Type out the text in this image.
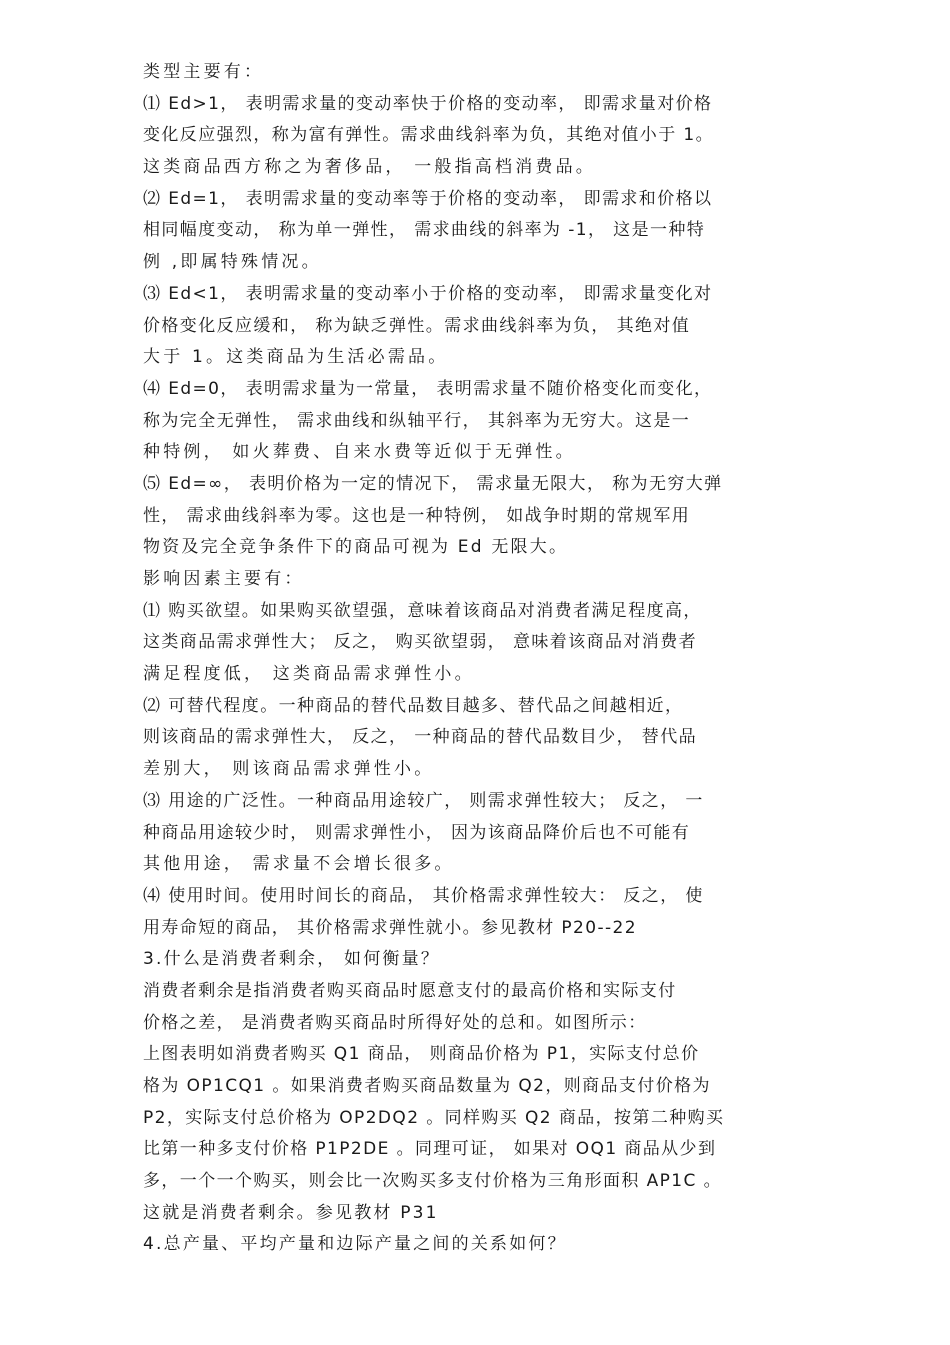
类型主要有：
⑴ Ed>1， 表明需求量的变动率快于价格的变动率， 即需求量对价格
变化反应强烈，称为富有弹性。需求曲线斜率为负，其绝对值小于 1。
这类商品西方称之为奢侈品， 一般指高档消费品。
⑵ Ed=1， 表明需求量的变动率等于价格的变动率， 即需求和价格以
相同幅度变动， 称为单一弹性， 需求曲线的斜率为 -1， 这是一种特
例 ,即属特殊情况。
⑶ Ed<1， 表明需求量的变动率小于价格的变动率， 即需求量变化对
价格变化反应缓和， 称为缺乏弹性。需求曲线斜率为负， 其绝对值
大于 1。这类商品为生活必需品。
⑷ Ed=0， 表明需求量为一常量， 表明需求量不随价格变化而变化，
称为完全无弹性， 需求曲线和纵轴平行， 其斜率为无穷大。这是一
种特例， 如火葬费、自来水费等近似于无弹性。
⑸ Ed=∞， 表明价格为一定的情况下， 需求量无限大， 称为无穷大弹
性， 需求曲线斜率为零。这也是一种特例， 如战争时期的常规军用
物资及完全竞争条件下的商品可视为 Ed 无限大。
影响因素主要有：
⑴ 购买欲望。如果购买欲望强，意味着该商品对消费者满足程度高，
这类商品需求弹性大； 反之， 购买欲望弱， 意味着该商品对消费者
满足程度低， 这类商品需求弹性小。
⑵ 可替代程度。一种商品的替代品数目越多、替代品之间越相近，
则该商品的需求弹性大， 反之， 一种商品的替代品数目少， 替代品
差别大， 则该商品需求弹性小。
⑶ 用途的广泛性。一种商品用途较广， 则需求弹性较大； 反之， 一
种商品用途较少时， 则需求弹性小， 因为该商品降价后也不可能有
其他用途， 需求量不会增长很多。
⑷ 使用时间。使用时间长的商品， 其价格需求弹性较大： 反之， 使
用寿命短的商品， 其价格需求弹性就小。参见教材 P20--22
3.什么是消费者剩余， 如何衡量？
消费者剩余是指消费者购买商品时愿意支付的最高价格和实际支付
价格之差， 是消费者购买商品时所得好处的总和。如图所示：
上图表明如消费者购买 Q1 商品， 则商品价格为 P1，实际支付总价
格为 OP1CQ1 。如果消费者购买商品数量为 Q2，则商品支付价格为
P2，实际支付总价格为 OP2DQ2 。同样购买 Q2 商品，按第二种购买
比第一种多支付价格 P1P2DE 。同理可证， 如果对 OQ1 商品从少到
多，一个一个购买，则会比一次购买多支付价格为三角形面积 AP1C 。
这就是消费者剩余。参见教材 P31
4.总产量、平均产量和边际产量之间的关系如何？
